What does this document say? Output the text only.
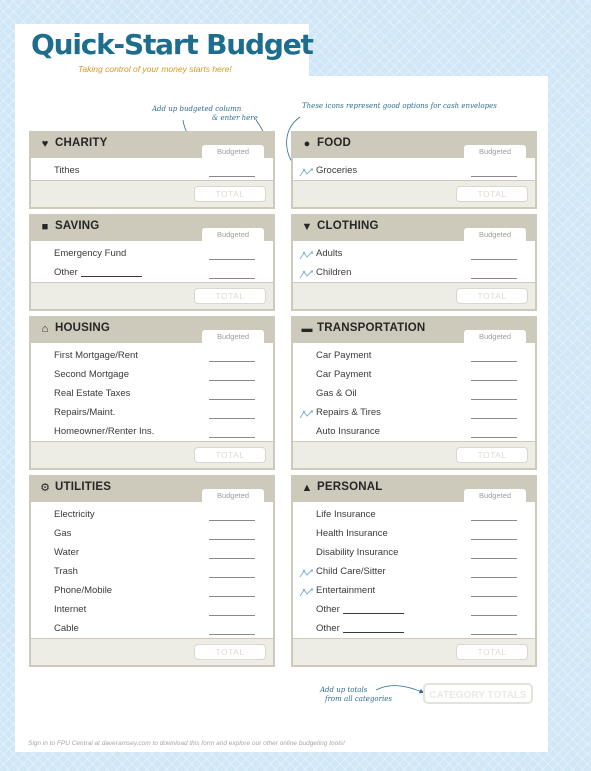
Quick-Start Budget
Taking control of your money starts here!
Add up budgeted column
& enter here
These icons represent good options for cash envelopes
Add up totals
from all categories	CATEGORY TOTALS
Sign in to FPU Central at daveramsey.com to download this form and explore our other online budgeting tools!
♥ CHARITY
Budgeted
Tithes
TOTAL
■ SAVING
Budgeted
Emergency Fund
Other
TOTAL
⌂ HOUSING
Budgeted
First Mortgage/Rent
Second Mortgage
Real Estate Taxes
Repairs/Maint.
Homeowner/Renter Ins.
TOTAL
⚙ UTILITIES
Budgeted
Electricity
Gas
Water
Trash
Phone/Mobile
Internet
Cable
TOTAL
● FOOD
Budgeted
Groceries
TOTAL
▼ CLOTHING
Budgeted
Adults
Children
TOTAL
▬ TRANSPORTATION
Budgeted
Car Payment
Car Payment
Gas & Oil
Repairs & Tires
Auto Insurance
TOTAL
▲ PERSONAL
Budgeted
Life Insurance
Health Insurance
Disability Insurance
Child Care/Sitter
Entertainment
Other
Other
TOTAL
